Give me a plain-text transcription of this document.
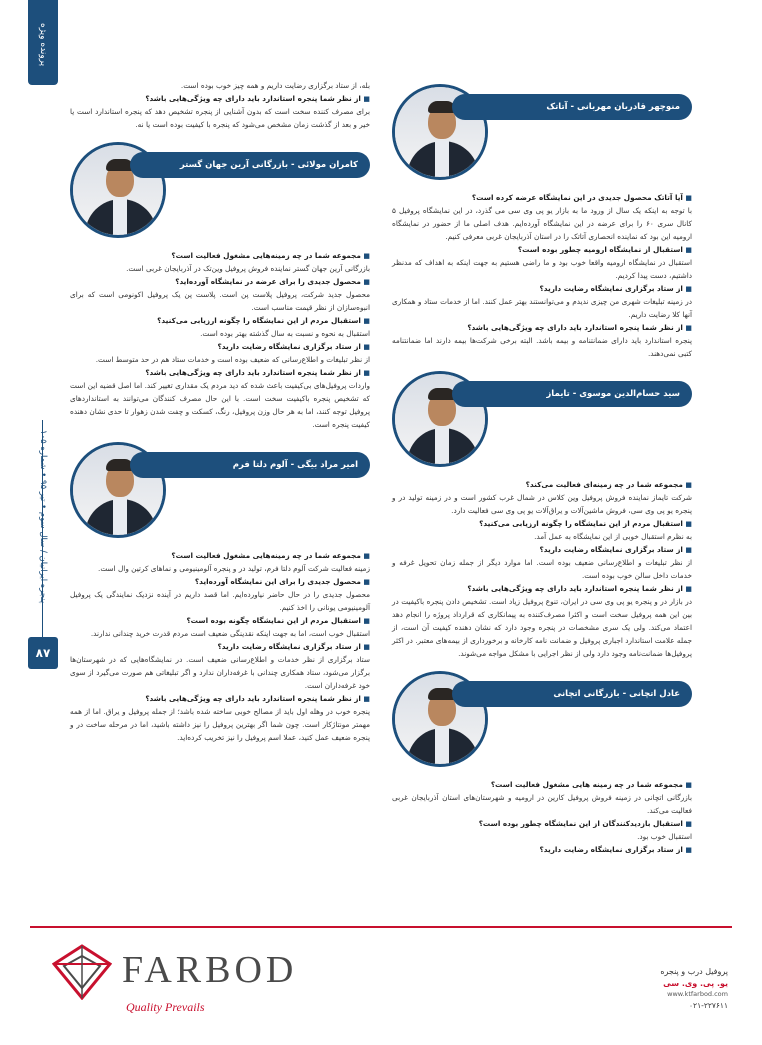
پرونده ویژه
پنجره ایرانیان / سال سوم • تیر ۹۵ • شماره ۱۰۵
۸۷
منوچهر قادربان مهربانی - آتاتک
■ آیا آتاتک محصول جدیدی در این نمایشگاه عرضه کرده است؟
با توجه به اینکه یک سال از ورود ما به بازار یو پی وی سی می گذرد، در این نمایشگاه پروفیل ۵ کانال سری ۶۰ را برای عرضه در این نمایشگاه آورده‌ایم. هدف اصلی ما از حضور در نمایشگاه ارومیه این بود که نماینده انحصاری آتاتک را در استان آذربایجان غربی معرفی کنیم.
■ استقبال از نمایشگاه ارومیه چطور بوده است؟
استقبال در نمایشگاه ارومیه واقعا خوب بود و ما راضی هستیم به جهت اینکه به اهداف که مدنظر داشتیم، دست پیدا کردیم.
■ از ستاد برگزاری نمایشگاه رضایت دارید؟
در زمینه تبلیغات شهری من چیزی ندیدم و می‌توانستند بهتر عمل کنند. اما از خدمات ستاد و همکاری آنها کلا رضایت داریم.
■ از نظر شما پنجره استاندارد باید دارای چه ویژگی‌هایی باشد؟
پنجره استاندارد باید دارای ضمانتنامه و بیمه باشد. البته برخی شرکت‌ها بیمه دارند اما ضمانتنامه کتبی نمی‌دهند.
سید حسام‌الدین موسوی - تایماز
■ مجموعه شما در چه زمینه‌ای فعالیت می‌کند؟
شرکت تایماز نماینده فروش پروفیل وین کلاس در شمال غرب کشور است و در زمینه تولید در و پنجره یو پی وی سی، فروش ماشین‌آلات و یراق‌آلات یو پی وی سی فعالیت دارد.
■ استقبال مردم از این نمایشگاه را چگونه ارزیابی می‌کنید؟
به نظرم استقبال خوبی از این نمایشگاه به عمل آمد.
■ از ستاد برگزاری نمایشگاه رضایت دارید؟
از نظر تبلیغات و اطلاع‌رسانی ضعیف بوده است. اما موارد دیگر از جمله زمان تحویل غرفه و خدمات داخل سالن خوب بوده است.
■ از نظر شما پنجره استاندارد باید دارای چه ویژگی‌هایی باشد؟
در بازار در و پنجره یو پی وی سی در ایران، تنوع پروفیل زیاد است. تشخیص دادن پنجره باکیفیت در بین این همه پروفیل سخت است و اکثرا مصرف‌کننده به پیمانکاری که قرارداد پروژه را انجام دهد اعتماد می‌کند. ولی یک سری مشخصات در پنجره وجود دارد که نشان دهنده کیفیت آن است، از جمله علامت استاندارد اجباری پروفیل و ضمانت نامه کارخانه و برخورداری از بیمه‌های معتبر. در اکثر پروفیل‌ها ضمانت‌نامه وجود دارد ولی از نظر اجرایی با مشکل مواجه می‌شوند.
عادل اتچانی - بازرگانی اتچانی
■ مجموعه شما در چه زمینه هایی مشغول فعالیت است؟
بازرگانی اتچانی در زمینه فروش پروفیل کارین در ارومیه و شهرستان‌های استان آذربایجان غربی فعالیت می‌کند.
■ استقبال بازدیدکنندگان از این نمایشگاه چطور بوده است؟
استقبال خوب بود.
■ از ستاد برگزاری نمایشگاه رضایت دارید؟
بله، از ستاد برگزاری رضایت داریم و همه چیز خوب بوده است.
■ از نظر شما پنجره استاندارد باید دارای چه ویژگی‌هایی باشد؟
برای مصرف کننده سخت است که بدون آشنایی از پنجره تشخیص دهد که پنجره استاندارد است یا خیر و بعد از گذشت زمان مشخص می‌شود که پنجره با کیفیت بوده است یا نه.
کامران مولائی - بازرگانی آرین جهان گستر
■ مجموعه شما در چه زمینه‌هایی مشغول فعالیت است؟
بازرگانی آرین جهان گستر نماینده فروش پروفیل وین‌تک در آذربایجان غربی است.
■ محصول جدیدی را برای عرضه در نمایشگاه آورده‌اید؟
محصول جدید شرکت، پروفیل پلاست پن است. پلاست پن یک پروفیل اکونومی است که برای انبوه‌سازان از نظر قیمت مناسب است.
■ استقبال مردم از این نمایشگاه را چگونه ارزیابی می‌کنید؟
استقبال به نحوه و نسبت به سال گذشته بهتر بوده است.
■ از ستاد برگزاری نمایشگاه رضایت دارید؟
از نظر تبلیغات و اطلاع‌رسانی که ضعیف بوده است و خدمات ستاد هم در حد متوسط است.
■ از نظر شما پنجره استاندارد باید دارای چه ویژگی‌هایی باشد؟
واردات پروفیل‌های بی‌کیفیت باعث شده که دید مردم یک مقداری تغییر کند. اما اصل قضیه این است که تشخیص پنجره باکیفیت سخت است. با این حال مصرف کنندگان می‌توانند به استانداردهای پروفیل توجه کنند، اما به هر حال وزن پروفیل، رنگ، کسکت و چفت شدن زهوار تا حدی نشان دهنده کیفیت پنجره است.
امیر مراد بیگی - آلوم دلتا فرم
■ مجموعه شما در چه زمینه‌هایی مشغول فعالیت است؟
زمینه فعالیت شرکت آلوم دلتا فرم، تولید در و پنجره آلومینیومی و نماهای کرتین وال است.
■ محصول جدیدی را برای این نمایشگاه آورده‌اید؟
محصول جدیدی را در حال حاضر نیاورده‌ایم. اما قصد داریم در آینده نزدیک نمایندگی یک پروفیل آلومینیومی یونانی را اخذ کنیم.
■ استقبال مردم از این نمایشگاه چگونه بوده است؟
استقبال خوب است، اما به جهت اینکه نقدینگی ضعیف است مردم قدرت خرید چندانی ندارند.
■ از ستاد برگزاری نمایشگاه رضایت دارید؟
ستاد برگزاری از نظر خدمات و اطلاع‌رسانی ضعیف است. در نمایشگاه‌هایی که در شهرستان‌ها برگزار می‌شود، ستاد همکاری چندانی با غرفه‌داران ندارد و اگر تبلیغاتی هم صورت می‌گیرد از سوی خود غرفه‌داران است.
■ از نظر شما پنجره استاندارد باید دارای چه ویژگی‌هایی باشد؟
پنجره خوب در وهله اول باید از مصالح خوبی ساخته شده باشد؛ از جمله پروفیل و یراق. اما از همه مهمتر مونتاژکار است. چون شما اگر بهترین پروفیل را نیز داشته باشید، اما در مرحله ساخت در و پنجره ضعیف عمل کنید، عملا اسم پروفیل را نیز تخریب کرده‌اید.
FARBOD
Quality Prevails
پروفیل درب و پنجره
یو. پی. وی. سی
www.ktfarbod.com
۰۲۱-۲۲۷۶۱۱
